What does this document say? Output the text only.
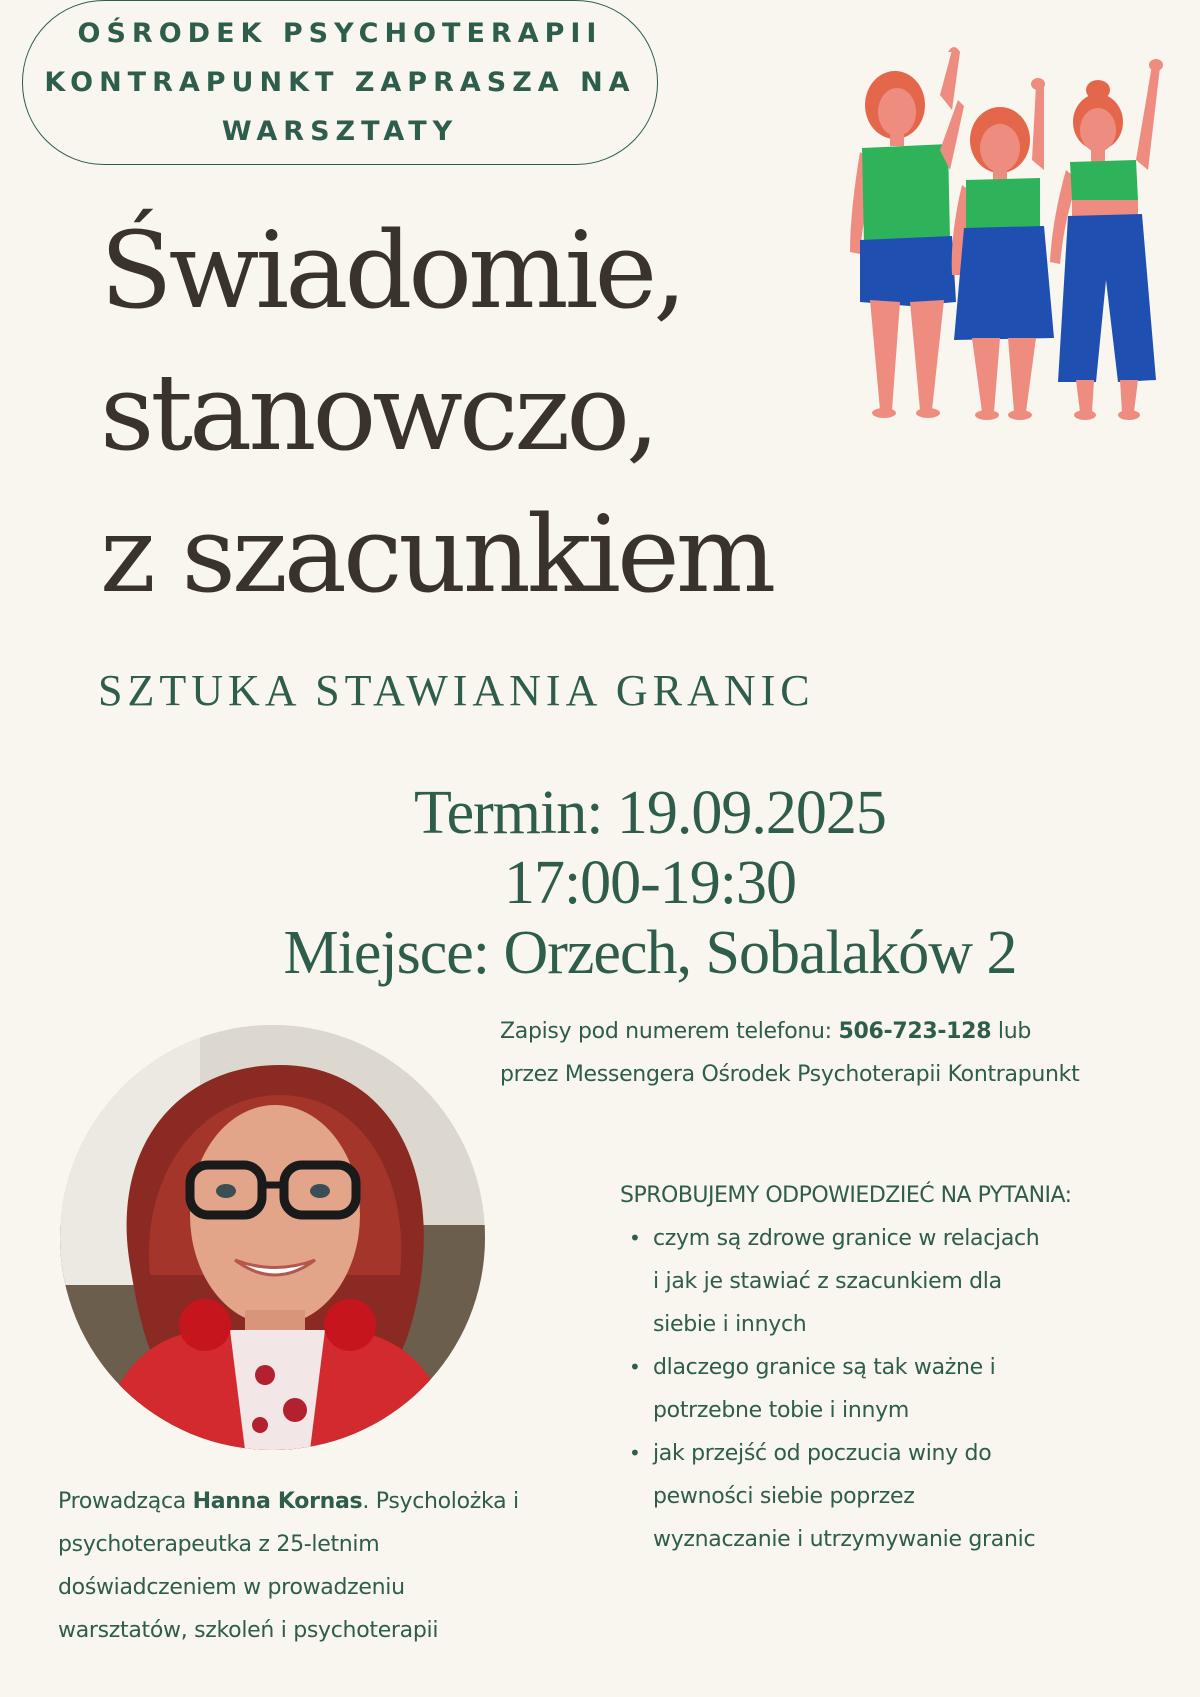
OŚRODEK PSYCHOTERAPII
KONTRAPUNKT ZAPRASZA NA
WARSZTATY
Świadomie,
stanowczo,
z szacunkiem
SZTUKA STAWIANIA GRANIC
Termin: 19.09.2025
17:00-19:30
Miejsce: Orzech, Sobalaków 2
Zapisy pod numerem telefonu: 506-723-128 lub
przez Messengera Ośrodek Psychoterapii Kontrapunkt
SPROBUJEMY ODPOWIEDZIEĆ NA PYTANIA:
• czym są zdrowe granice w relacjach
i jak je stawiać z szacunkiem dla
siebie i innych
• dlaczego granice są tak ważne i
potrzebne tobie i innym
• jak przejść od poczucia winy do
pewności siebie poprzez
wyznaczanie i utrzymywanie granic
Prowadząca Hanna Kornas. Psycholożka i
psychoterapeutka z 25-letnim
doświadczeniem w prowadzeniu
warsztatów, szkoleń i psychoterapii
